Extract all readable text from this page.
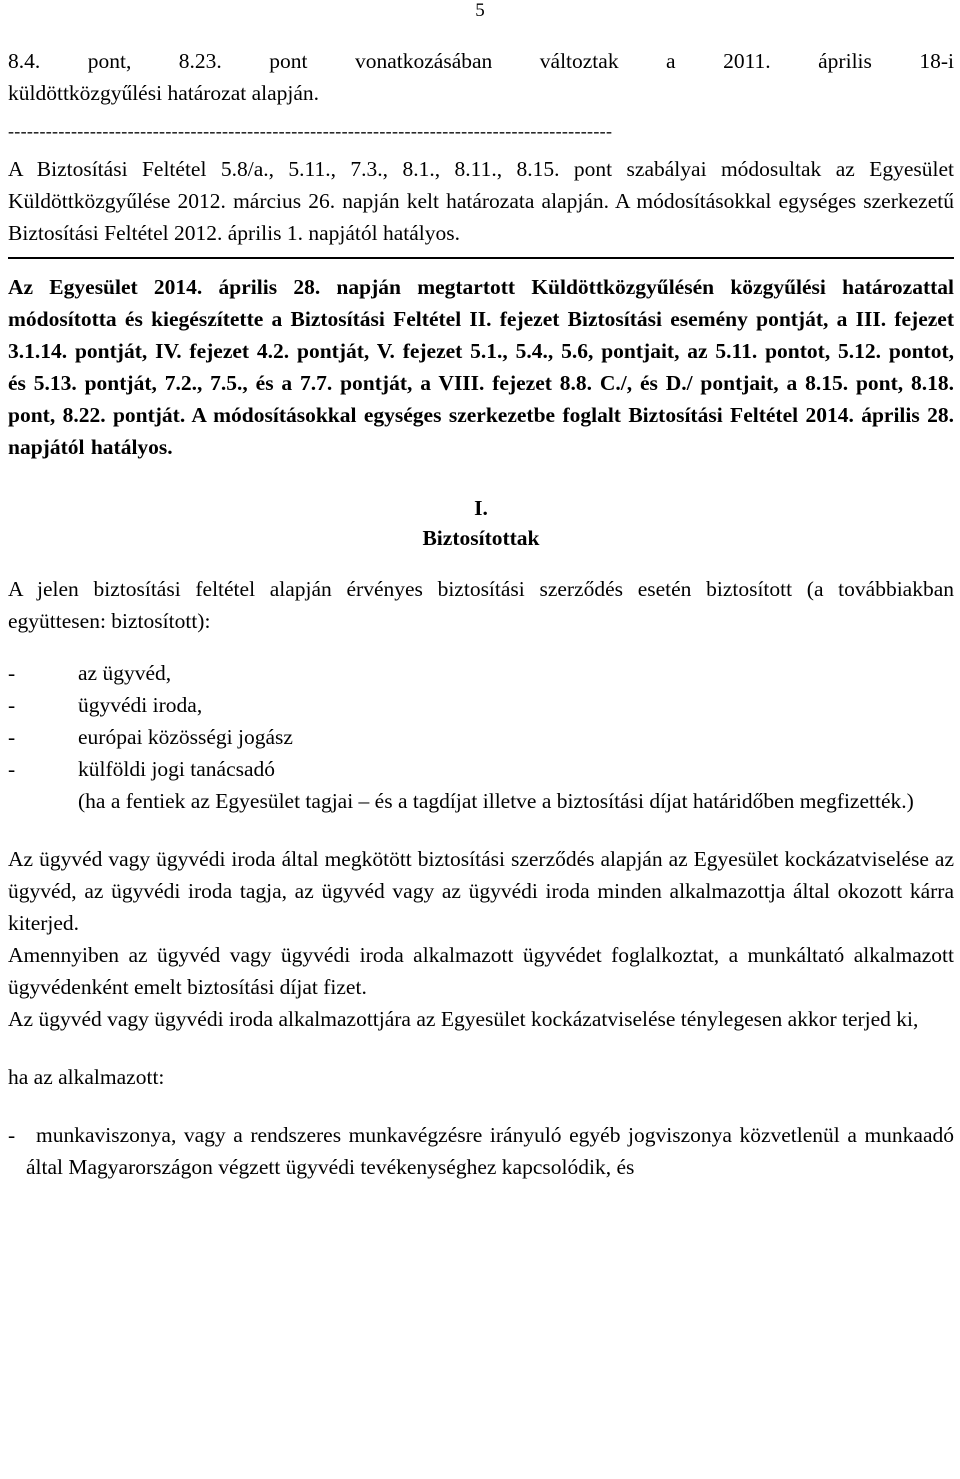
5

8.4.   pont,   8.23.   pont   vonatkozásában   változtak   a   2011.   április   18-i

küldöttközgyűlési határozat alapján.

------------------------------------------------------------------------------------------------

A Biztosítási Feltétel 5.8/a., 5.11., 7.3., 8.1., 8.11., 8.15. pont szabályai módosultak az Egyesület Küldöttközgyűlése 2012. március 26. napján kelt határozata alapján. A módosításokkal egységes szerkezetű Biztosítási Feltétel 2012. április 1. napjától hatályos.

Az Egyesület 2014. április 28. napján megtartott Küldöttközgyűlésén közgyűlési határozattal módosította és kiegészítette a Biztosítási Feltétel II. fejezet Biztosítási esemény pontját, a III. fejezet 3.1.14. pontját, IV. fejezet 4.2. pontját, V. fejezet 5.1., 5.4., 5.6, pontjait, az 5.11. pontot, 5.12. pontot, és 5.13. pontját, 7.2., 7.5., és a 7.7. pontját, a VIII. fejezet 8.8. C./, és D./ pontjait, a 8.15. pont, 8.18. pont, 8.22. pontját. A módosításokkal egységes szerkezetbe foglalt Biztosítási Feltétel 2014. április 28. napjától hatályos.

I.
Biztosítottak

A jelen biztosítási feltétel alapján érvényes biztosítási szerződés esetén biztosított (a továbbiakban együttesen: biztosított):

-	az ügyvéd,
-	ügyvédi iroda,
-	európai közösségi jogász
-	külföldi jogi tanácsadó

(ha a fentiek az Egyesület tagjai – és a tagdíjat illetve a biztosítási díjat határidőben megfizették.)

Az ügyvéd vagy ügyvédi iroda által megkötött biztosítási szerződés alapján az Egyesület kockázatviselése az ügyvéd, az ügyvédi iroda tagja, az ügyvéd vagy az ügyvédi iroda minden alkalmazottja által okozott kárra kiterjed.

Amennyiben az ügyvéd vagy ügyvédi iroda alkalmazott ügyvédet foglalkoztat, a munkáltató alkalmazott ügyvédenként emelt biztosítási díjat fizet.

Az ügyvéd vagy ügyvédi iroda alkalmazottjára az Egyesület kockázatviselése ténylegesen akkor terjed ki,

ha az alkalmazott:

- munkaviszonya, vagy a rendszeres munkavégzésre irányuló egyéb jogviszonya közvetlenül a munkaadó által Magyarországon végzett ügyvédi tevékenységhez kapcsolódik, és
